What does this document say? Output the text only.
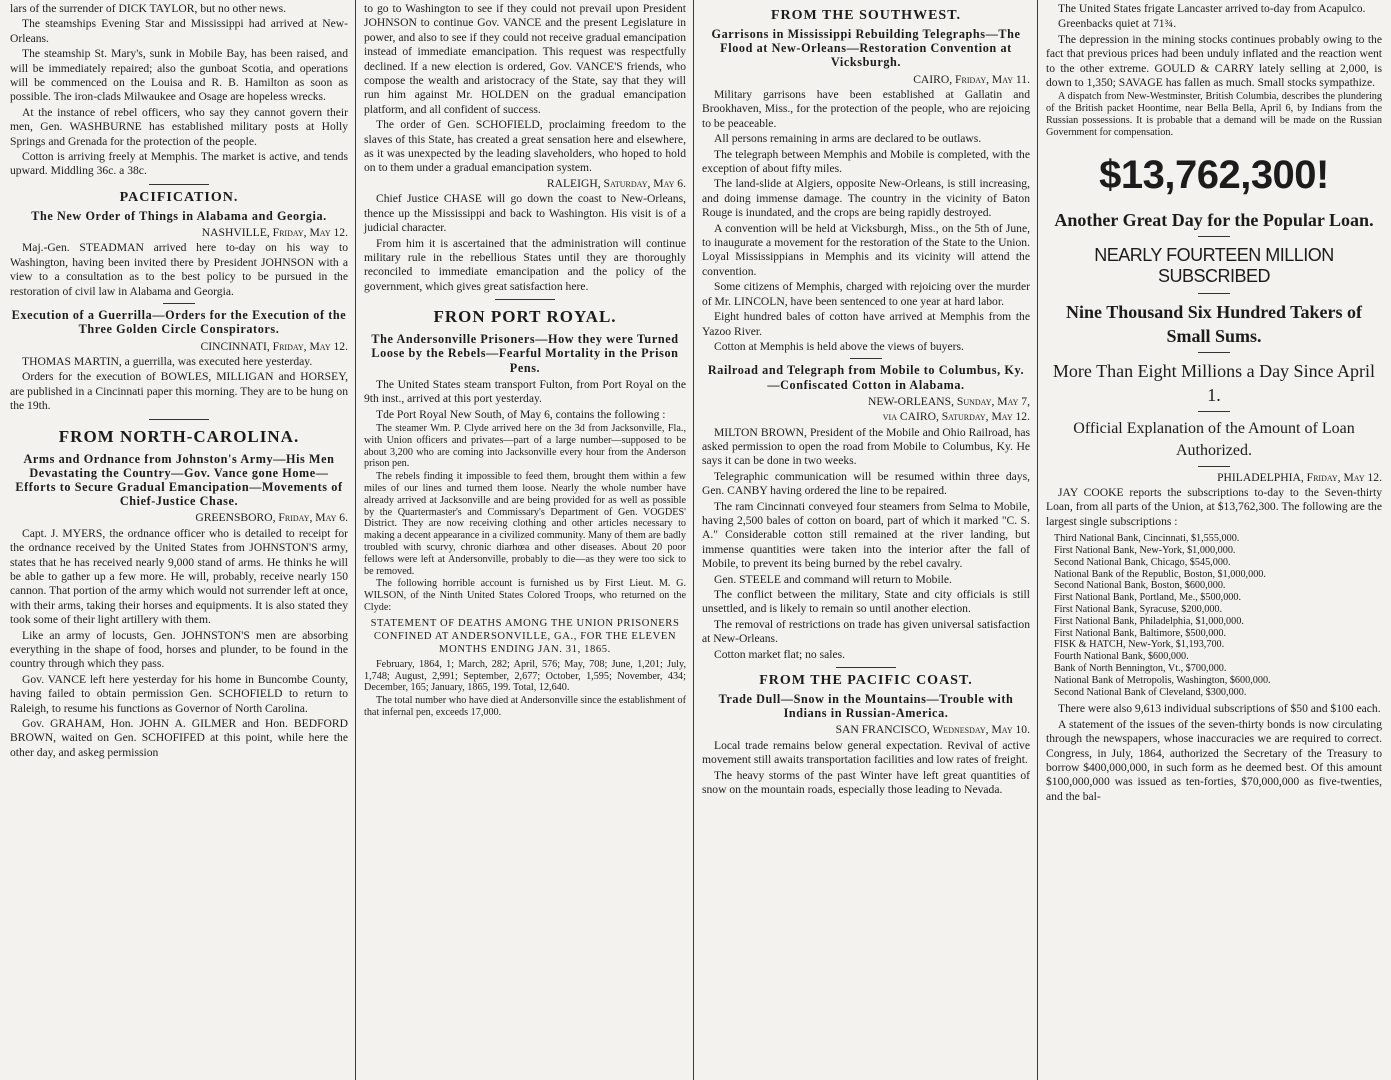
lars of the surrender of DICK TAYLOR, but no other news.

The steamships Evening Star and Mississippi had arrived at New-Orleans.

The steamship St. Mary's, sunk in Mobile Bay, has been raised, and will be immediately repaired; also the gunboat Scotia, and operations will be commenced on the Louisa and R. B. Hamilton as soon as possible. The iron-clads Milwaukee and Osage are hopeless wrecks.

At the instance of rebel officers, who say they cannot govern their men, Gen. WASHBURNE has established military posts at Holly Springs and Grenada for the protection of the people.

Cotton is arriving freely at Memphis. The market is active, and tends upward. Middling 36c. a 38c.

PACIFICATION.
The New Order of Things in Alabama and Georgia.
NASHVILLE, Friday, May 12.

Maj.-Gen. STEADMAN arrived here to-day on his way to Washington, having been invited there by President JOHNSON with a view to a consultation as to the best policy to be pursued in the restoration of civil law in Alabama and Georgia.

Execution of a Guerrilla—Orders for the Execution of the Three Golden Circle Conspirators.
CINCINNATI, Friday, May 12.

THOMAS MARTIN, a guerrilla, was executed here yesterday.

Orders for the execution of BOWLES, MILLIGAN and HORSEY, are published in a Cincinnati paper this morning. They are to be hung on the 19th.

FROM NORTH-CAROLINA.
Arms and Ordnance from Johnston's Army—His Men Devastating the Country—Gov. Vance gone Home—Efforts to Secure Gradual Emancipation—Movements of Chief-Justice Chase.
GREENSBORO, Friday, May 6.

Capt. J. MYERS, the ordnance officer who is detailed to receipt for the ordnance received by the United States from JOHNSTON'S army, states that he has received nearly 9,000 stand of arms. He thinks he will be able to gather up a few more. He will, probably, receive nearly 150 cannon. That portion of the army which would not surrender left at once, with their arms, taking their horses and equipments. It is also stated they took some of their light artillery with them.

Like an army of locusts, Gen. JOHNSTON'S men are absorbing everything in the shape of food, horses and plunder, to be found in the country through which they pass.

Gov. VANCE left here yesterday for his home in Buncombe County, having failed to obtain permission Gen. SCHOFIELD to return to Raleigh, to resume his functions as Governor of North Carolina.

Gov. GRAHAM, Hon. JOHN A. GILMER and Hon. BEDFORD BROWN, waited on Gen. SCHOFIFED at this point, while here the other day, and askeg permission

to go to Washington to see if they could not prevail upon President JOHNSON to continue Gov. VANCE and the present Legislature in power, and also to see if they could not receive gradual emancipation instead of immediate emancipation. This request was respectfully declined. If a new election is ordered, Gov. VANCE'S friends, who compose the wealth and aristocracy of the State, say that they will run him against Mr. HOLDEN on the gradual emancipation platform, and all confident of success.

The order of Gen. SCHOFIELD, proclaiming freedom to the slaves of this State, has created a great sensation here and elsewhere, as it was unexpected by the leading slaveholders, who hoped to hold on to them under a gradual emancipation system.

RALEIGH, Saturday, May 6.

Chief Justice CHASE will go down the coast to New-Orleans, thence up the Mississippi and back to Washington. His visit is of a judicial character.

From him it is ascertained that the administration will continue military rule in the rebellious States until they are thoroughly reconciled to immediate emancipation and the policy of the government, which gives great satisfaction here.

FRON PORT ROYAL.
The Andersonville Prisoners—How they were Turned Loose by the Rebels—Fearful Mortality in the Prison Pens.

The United States steam transport Fulton, from Port Royal on the 9th inst., arrived at this port yesterday.

Tde Port Royal New South, of May 6, contains the following :

The steamer Wm. P. Clyde arrived here on the 3d from Jacksonville, Fla., with Union officers and privates—part of a large number—supposed to be about 3,200 who are coming into Jacksonville every hour from the Anderson prison pen.

The rebels finding it impossible to feed them, brought them within a few miles of our lines and turned them loose. Nearly the whole number have already arrived at Jacksonville and are being provided for as well as possible by the Quartermaster's and Commissary's Department of Gen. VOGDES' District. They are now receiving clothing and other articles necessary to making a decent appearance in a civilized community. Many of them are badly troubled with scurvy, chronic diarhœa and other diseases. About 20 poor fellows were left at Andersonville, probably to die—as they were too sick to be removed.

The following horrible account is furnished us by First Lieut. M. G. WILSON, of the Ninth United States Colored Troops, who returned on the Clyde:

STATEMENT OF DEATHS AMONG THE UNION PRISONERS CONFINED AT ANDERSONVILLE, GA., FOR THE ELEVEN MONTHS ENDING JAN. 31, 1865.

February, 1864, 1; March, 282; April, 576; May, 708; June, 1,201; July, 1,748; August, 2,991; September, 2,677; October, 1,595; November, 434; December, 165; January, 1865, 199. Total, 12,640.

The total number who have died at Andersonville since the establishment of that infernal pen, exceeds 17,000.

FROM THE SOUTHWEST.
Garrisons in Mississippi Rebuilding Telegraphs—The Flood at New-Orleans—Restoration Convention at Vicksburgh.
CAIRO, Friday, May 11.

Military garrisons have been established at Gallatin and Brookhaven, Miss., for the protection of the people, who are rejoicing to be peaceable.

All persons remaining in arms are declared to be outlaws.

The telegraph between Memphis and Mobile is completed, with the exception of about fifty miles.

The land-slide at Algiers, opposite New-Orleans, is still increasing, and doing immense damage. The country in the vicinity of Baton Rouge is inundated, and the crops are being rapidly destroyed.

A convention will be held at Vicksburgh, Miss., on the 5th of June, to inaugurate a movement for the restoration of the State to the Union. Loyal Mississippians in Memphis and its vicinity will attend the convention.

Some citizens of Memphis, charged with rejoicing over the murder of Mr. LINCOLN, have been sentenced to one year at hard labor.

Eight hundred bales of cotton have arrived at Memphis from the Yazoo River.

Cotton at Memphis is held above the views of buyers.

Railroad and Telegraph from Mobile to Columbus, Ky.—Confiscated Cotton in Alabama.
NEW-ORLEANS, Sunday, May 7,
via CAIRO, Saturday, May 12.

MILTON BROWN, President of the Mobile and Ohio Railroad, has asked permission to open the road from Mobile to Columbus, Ky. He says it can be done in two weeks.

Telegraphic communication will be resumed within three days, Gen. CANBY having ordered the line to be repaired.

The ram Cincinnati conveyed four steamers from Selma to Mobile, having 2,500 bales of cotton on board, part of which it marked "C. S. A." Considerable cotton still remained at the river landing, but immense quantities were taken into the interior after the fall of Mobile, to prevent its being burned by the rebel cavalry.

Gen. STEELE and command will return to Mobile.

The conflict between the military, State and city officials is still unsettled, and is likely to remain so until another election.

The removal of restrictions on trade has given universal satisfaction at New-Orleans.

Cotton market flat; no sales.

FROM THE PACIFIC COAST.
Trade Dull—Snow in the Mountains—Trouble with Indians in Russian-America.
SAN FRANCISCO, Wednesday, May 10.

Local trade remains below general expectation. Revival of active movement still awaits transportation facilities and low rates of freight.

The heavy storms of the past Winter have left great quantities of snow on the mountain roads, especially those leading to Nevada.

The United States frigate Lancaster arrived to-day from Acapulco.

Greenbacks quiet at 71¾.

The depression in the mining stocks continues probably owing to the fact that previous prices had been unduly inflated and the reaction went to the other extreme. GOULD & CARRY lately selling at 2,000, is down to 1,350; SAVAGE has fallen as much. Small stocks sympathize.

A dispatch from New-Westminster, British Columbia, describes the plundering of the British packet Hoontime, near Bella Bella, April 6, by Indians from the Russian possessions. It is probable that a demand will be made on the Russian Government for compensation.

$13,762,300!
Another Great Day for the Popular Loan.
NEARLY FOURTEEN MILLION SUBSCRIBED
Nine Thousand Six Hundred Takers of Small Sums.
More Than Eight Millions a Day Since April 1.
Official Explanation of the Amount of Loan Authorized.
PHILADELPHIA, Friday, May 12.

JAY COOKE reports the subscriptions to-day to the Seven-thirty Loan, from all parts of the Union, at $13,762,300. The following are the largest single subscriptions :

Third National Bank, Cincinnati, $1,555,000.
First National Bank, New-York, $1,000,000.
Second National Bank, Chicago, $545,000.
National Bank of the Republic, Boston, $1,000,000.
Second National Bank, Boston, $600,000.
First National Bank, Portland, Me., $500,000.
First National Bank, Syracuse, $200,000.
First National Bank, Philadelphia, $1,000,000.
First National Bank, Baltimore, $500,000.
FISK & HATCH, New-York, $1,193,700.
Fourth National Bank, $600,000.
Bank of North Bennington, Vt., $700,000.
National Bank of Metropolis, Washington, $600,000.
Second National Bank of Cleveland, $300,000.

There were also 9,613 individual subscriptions of $50 and $100 each.

A statement of the issues of the seven-thirty bonds is now circulating through the newspapers, whose inaccuracies we are required to correct. Congress, in July, 1864, authorized the Secretary of the Treasury to borrow $400,000,000, in such form as he deemed best. Of this amount $100,000,000 was issued as ten-forties, $70,000,000 as five-twenties, and the bal-
